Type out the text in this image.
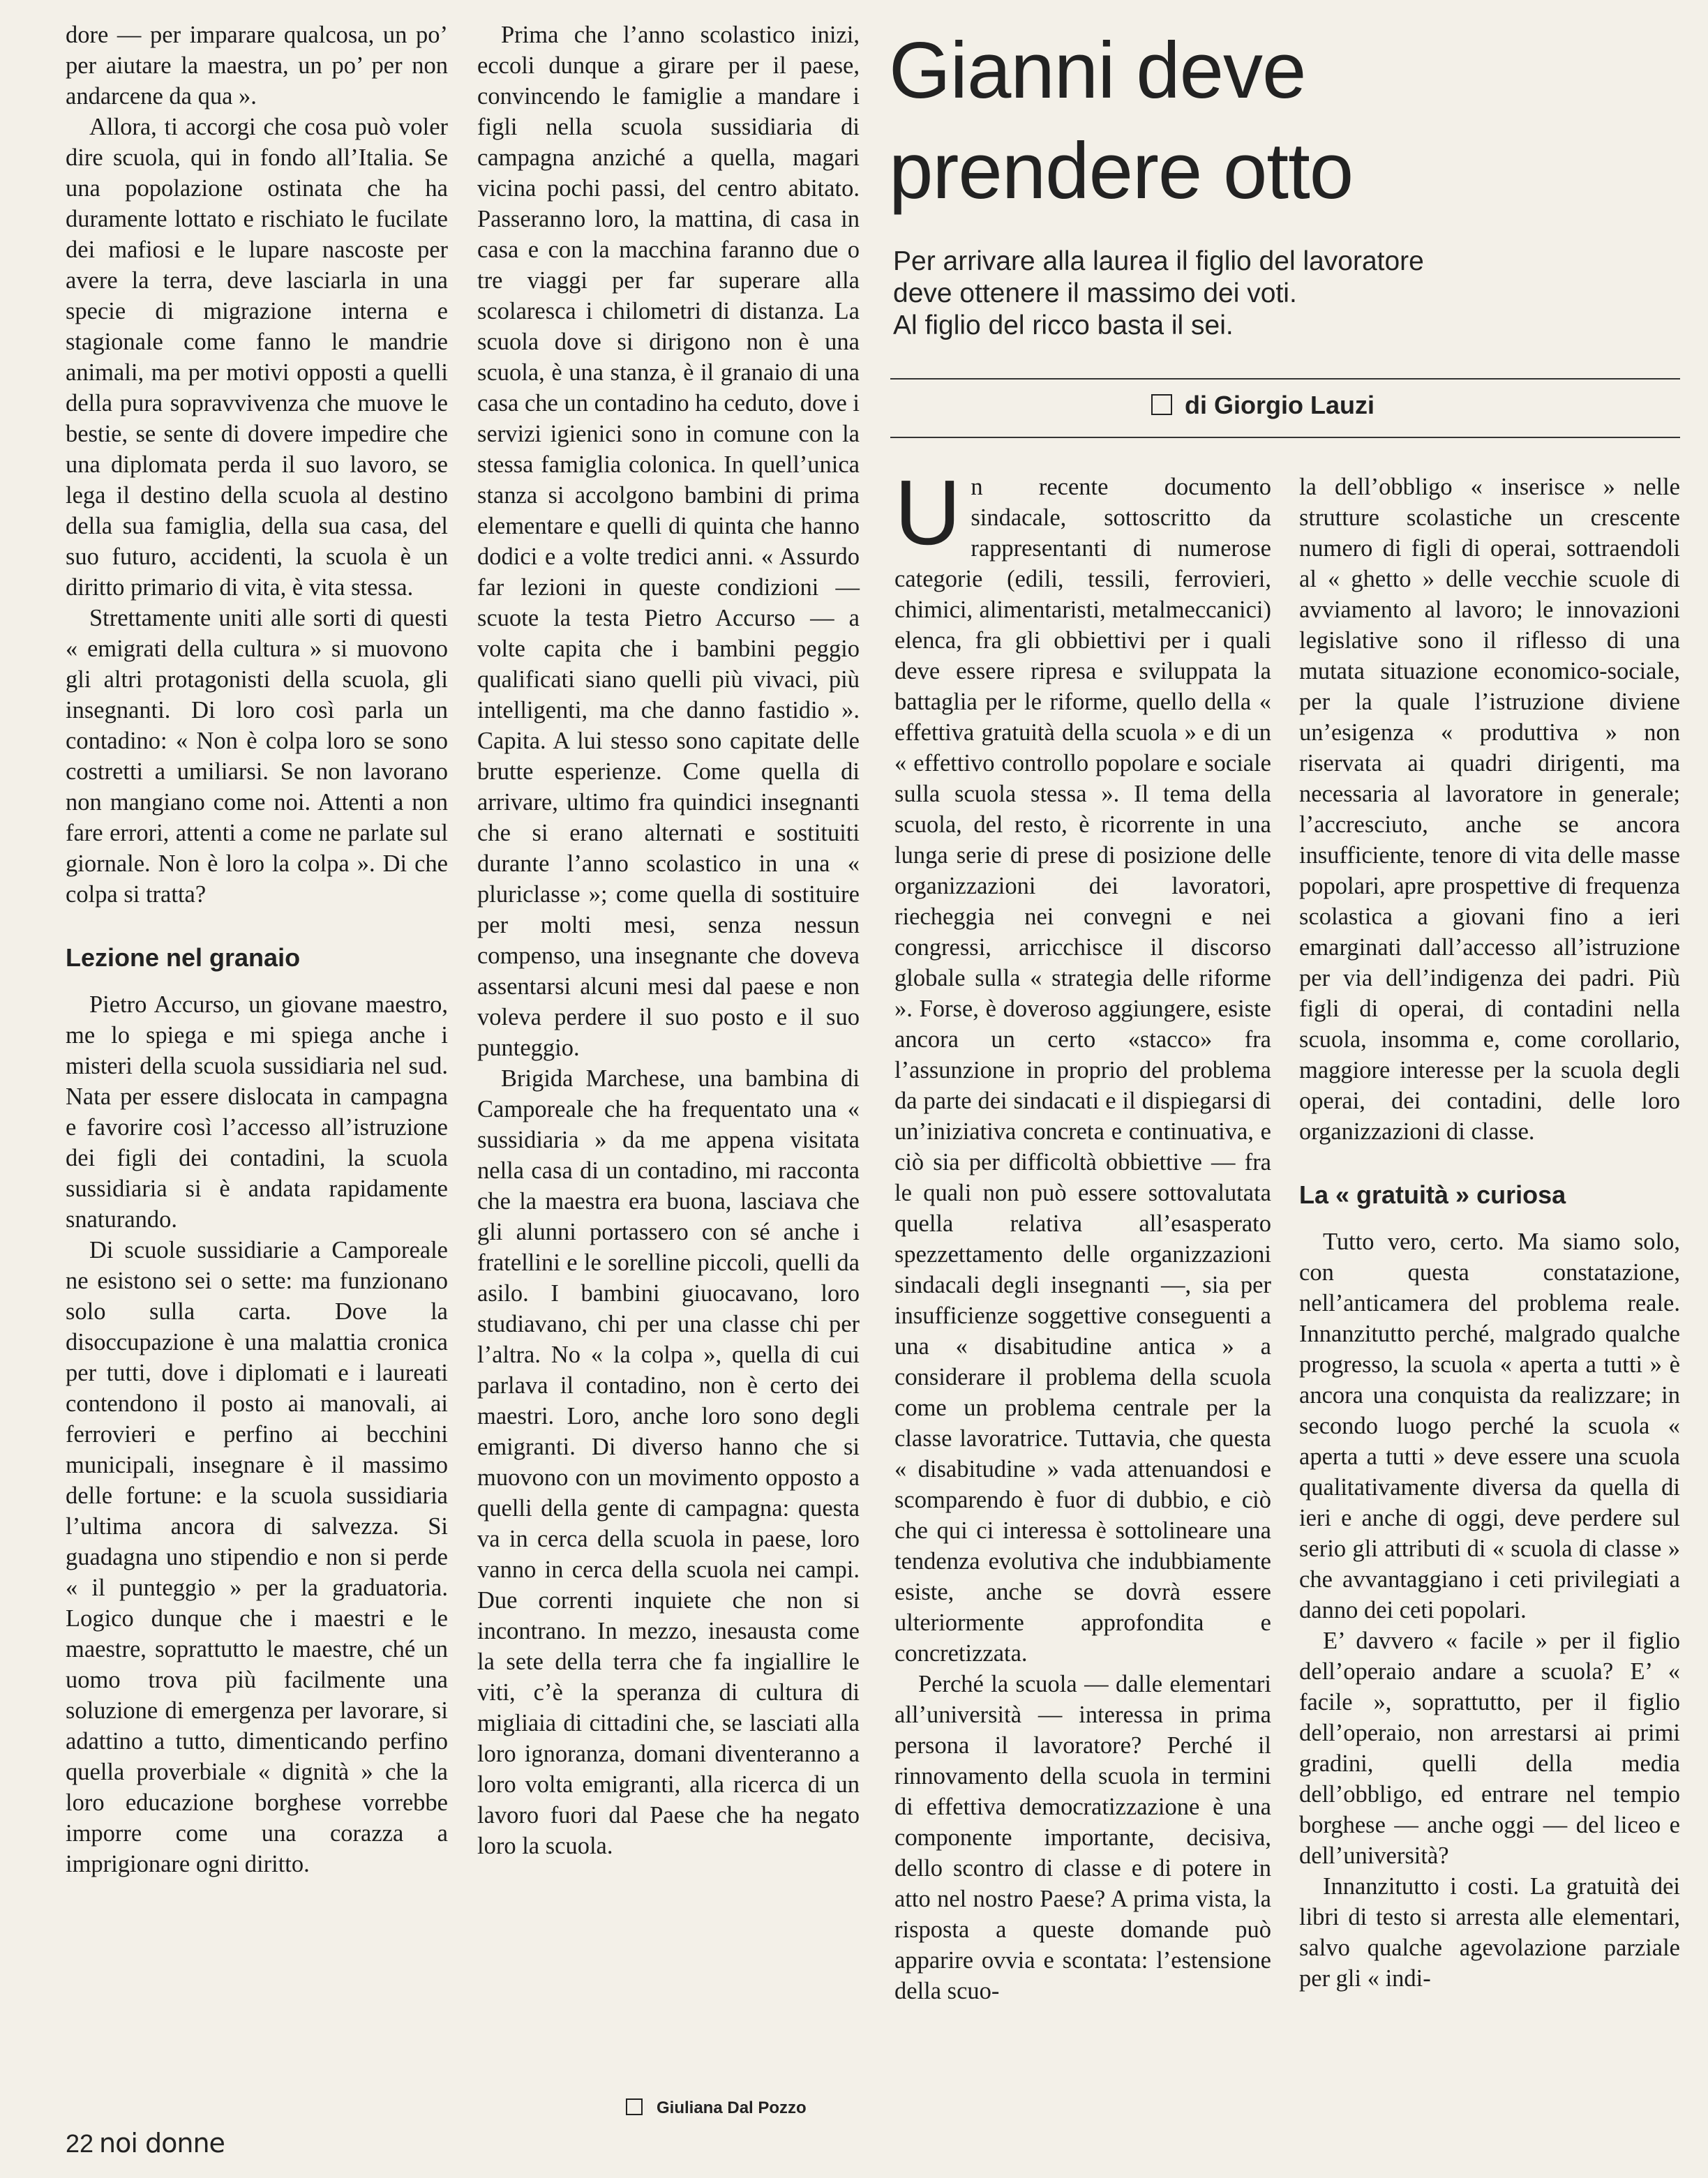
dore — per imparare qualcosa, un po’ per aiutare la maestra, un po’ per non andarcene da qua ».

Allora, ti accorgi che cosa può voler dire scuola, qui in fondo all’Italia. Se una popolazione ostinata che ha duramente lottato e rischiato le fucilate dei mafiosi e le lupare nascoste per avere la terra, deve lasciarla in una specie di migrazione interna e stagionale come fanno le mandrie animali, ma per motivi opposti a quelli della pura sopravvivenza che muove le bestie, se sente di dovere impedire che una diplomata perda il suo lavoro, se lega il destino della scuola al destino della sua famiglia, della sua casa, del suo futuro, accidenti, la scuola è un diritto primario di vita, è vita stessa.

Strettamente uniti alle sorti di questi « emigrati della cultura » si muovono gli altri protagonisti della scuola, gli insegnanti. Di loro così parla un contadino: « Non è colpa loro se sono costretti a umiliarsi. Se non lavorano non mangiano come noi. Attenti a non fare errori, attenti a come ne parlate sul giornale. Non è loro la colpa ». Di che colpa si tratta?

Lezione nel granaio

Pietro Accurso, un giovane maestro, me lo spiega e mi spiega anche i misteri della scuola sussidiaria nel sud. Nata per essere dislocata in campagna e favorire così l’accesso all’istruzione dei figli dei contadini, la scuola sussidiaria si è andata rapidamente snaturando.

Di scuole sussidiarie a Camporeale ne esistono sei o sette: ma funzionano solo sulla carta. Dove la disoccupazione è una malattia cronica per tutti, dove i diplomati e i laureati contendono il posto ai manovali, ai ferrovieri e perfino ai becchini municipali, insegnare è il massimo delle fortune: e la scuola sussidiaria l’ultima ancora di salvezza. Si guadagna uno stipendio e non si perde « il punteggio » per la graduatoria. Logico dunque che i maestri e le maestre, soprattutto le maestre, ché un uomo trova più facilmente una soluzione di emergenza per lavorare, si adattino a tutto, dimenticando perfino quella proverbiale « dignità » che la loro educazione borghese vorrebbe imporre come una corazza a imprigionare ogni diritto.

Prima che l’anno scolastico inizi, eccoli dunque a girare per il paese, convincendo le famiglie a mandare i figli nella scuola sussidiaria di campagna anziché a quella, magari vicina pochi passi, del centro abitato. Passeranno loro, la mattina, di casa in casa e con la macchina faranno due o tre viaggi per far superare alla scolaresca i chilometri di distanza. La scuola dove si dirigono non è una scuola, è una stanza, è il granaio di una casa che un contadino ha ceduto, dove i servizi igienici sono in comune con la stessa famiglia colonica. In quell’unica stanza si accolgono bambini di prima elementare e quelli di quinta che hanno dodici e a volte tredici anni. « Assurdo far lezioni in queste condizioni — scuote la testa Pietro Accurso — a volte capita che i bambini peggio qualificati siano quelli più vivaci, più intelligenti, ma che danno fastidio ». Capita. A lui stesso sono capitate delle brutte esperienze. Come quella di arrivare, ultimo fra quindici insegnanti che si erano alternati e sostituiti durante l’anno scolastico in una « pluriclasse »; come quella di sostituire per molti mesi, senza nessun compenso, una insegnante che doveva assentarsi alcuni mesi dal paese e non voleva perdere il suo posto e il suo punteggio.

Brigida Marchese, una bambina di Camporeale che ha frequentato una « sussidiaria » da me appena visitata nella casa di un contadino, mi racconta che la maestra era buona, lasciava che gli alunni portassero con sé anche i fratellini e le sorelline piccoli, quelli da asilo. I bambini giuocavano, loro studiavano, chi per una classe chi per l’altra. No « la colpa », quella di cui parlava il contadino, non è certo dei maestri. Loro, anche loro sono degli emigranti. Di diverso hanno che si muovono con un movimento opposto a quelli della gente di campagna: questa va in cerca della scuola in paese, loro vanno in cerca della scuola nei campi. Due correnti inquiete che non si incontrano. In mezzo, inesausta come la sete della terra che fa ingiallire le viti, c’è la speranza di cultura di migliaia di cittadini che, se lasciati alla loro ignoranza, domani diventeranno a loro volta emigranti, alla ricerca di un lavoro fuori dal Paese che ha negato loro la scuola.

Giuliana Dal Pozzo
Gianni deve
prendere otto
Per arrivare alla laurea il figlio del lavoratore
deve ottenere il massimo dei voti.
Al figlio del ricco basta il sei.
di Giorgio Lauzi

Un recente documento sindacale, sottoscritto da rappresentanti di numerose categorie (edili, tessili, ferrovieri, chimici, alimentaristi, metalmeccanici) elenca, fra gli obbiettivi per i quali deve essere ripresa e sviluppata la battaglia per le riforme, quello della « effettiva gratuità della scuola » e di un « effettivo controllo popolare e sociale sulla scuola stessa ». Il tema della scuola, del resto, è ricorrente in una lunga serie di prese di posizione delle organizzazioni dei lavoratori, riecheggia nei convegni e nei congressi, arricchisce il discorso globale sulla « strategia delle riforme ». Forse, è doveroso aggiungere, esiste ancora un certo «stacco» fra l’assunzione in proprio del problema da parte dei sindacati e il dispiegarsi di un’iniziativa concreta e continuativa, e ciò sia per difficoltà obbiettive — fra le quali non può essere sottovalutata quella relativa all’esasperato spezzettamento delle organizzazioni sindacali degli insegnanti —, sia per insufficienze soggettive conseguenti a una « disabitudine antica » a considerare il problema della scuola come un problema centrale per la classe lavoratrice. Tuttavia, che questa « disabitudine » vada attenuandosi e scomparendo è fuor di dubbio, e ciò che qui ci interessa è sottolineare una tendenza evolutiva che indubbiamente esiste, anche se dovrà essere ulteriormente approfondita e concretizzata.

Perché la scuola — dalle elementari all’università — interessa in prima persona il lavoratore? Perché il rinnovamento della scuola in termini di effettiva democratizzazione è una componente importante, decisiva, dello scontro di classe e di potere in atto nel nostro Paese? A prima vista, la risposta a queste domande può apparire ovvia e scontata: l’estensione della scuo-

la dell’obbligo « inserisce » nelle strutture scolastiche un crescente numero di figli di operai, sottraendoli al « ghetto » delle vecchie scuole di avviamento al lavoro; le innovazioni legislative sono il riflesso di una mutata situazione economico-sociale, per la quale l’istruzione diviene un’esigenza « produttiva » non riservata ai quadri dirigenti, ma necessaria al lavoratore in generale; l’accresciuto, anche se ancora insufficiente, tenore di vita delle masse popolari, apre prospettive di frequenza scolastica a giovani fino a ieri emarginati dall’accesso all’istruzione per via dell’indigenza dei padri. Più figli di operai, di contadini nella scuola, insomma e, come corollario, maggiore interesse per la scuola degli operai, dei contadini, delle loro organizzazioni di classe.

La « gratuità » curiosa

Tutto vero, certo. Ma siamo solo, con questa constatazione, nell’anticamera del problema reale. Innanzitutto perché, malgrado qualche progresso, la scuola « aperta a tutti » è ancora una conquista da realizzare; in secondo luogo perché la scuola « aperta a tutti » deve essere una scuola qualitativamente diversa da quella di ieri e anche di oggi, deve perdere sul serio gli attributi di « scuola di classe » che avvantaggiano i ceti privilegiati a danno dei ceti popolari.

E’ davvero « facile » per il figlio dell’operaio andare a scuola? E’ « facile », soprattutto, per il figlio dell’operaio, non arrestarsi ai primi gradini, quelli della media dell’obbligo, ed entrare nel tempio borghese — anche oggi — del liceo e dell’università?

Innanzitutto i costi. La gratuità dei libri di testo si arresta alle elementari, salvo qualche agevolazione parziale per gli « indi-

22 noi donne
